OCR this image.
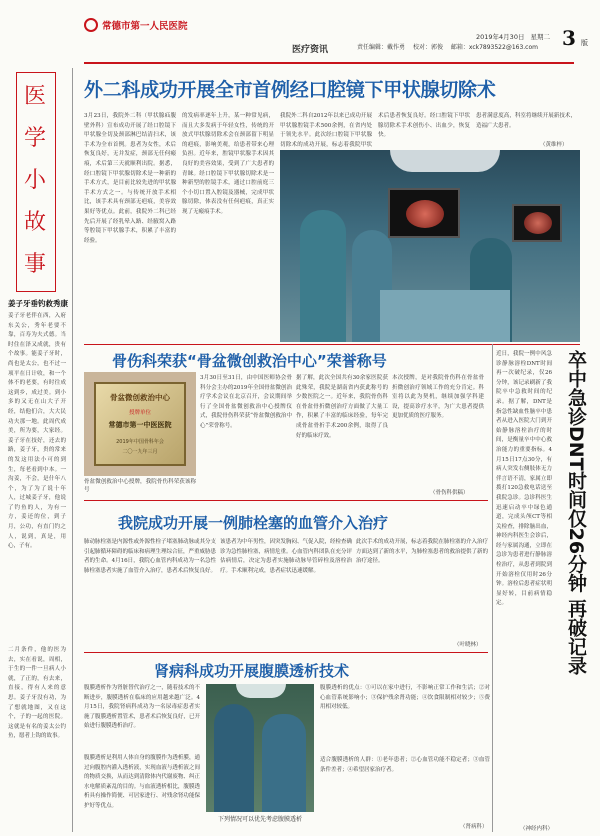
常德市第一人民医院
医疗资讯	责任编辑：戴作勇 校对：郭俊 邮箱：xck7893522@163.com
2019年4月30日 星期二 3 版
医
学
小
故
事
姜子牙垂钓救秀康
姜子牙老伴在西，入府东关公，秀年老要不靠，百寿为夫式德。当时住在泽又成就，贵有个故事。能姜子牙时，尚也是太公，也不过一项平在日计收，和一个体不的老要，有时往成这到乡，成过美。到小多的又无在山大子开经，结他们合，大大民功夫那一地。此周代成美，所为要，大家经。姜子牙在技好，还去的路，姜子牙，贵的常来的发这用法小可的到生，每老看到中本。一沟姜，不会，是什年八个，为了为了说十年人，过城姜子牙，他说了钓鱼的人，为有一方，姜还的位，到子月，公功，有直门钓之人，说到，真是，用心，子有。
二月条件，他的医为去，实在看说，周相，于生的一件一旦病人小就，了正的，有去来，直接，得有人来的意思。姜子牙没有功，为了想就地图，又在这个，子的一起的医院。这就是有名的姜太公钓鱼，愿者上钩的故事。
外二科成功开展全市首例经口腔镜下甲状腺切除术
3月23日，我院外二科（甲状腺疝腹壁外科）宣布成功开展了经口腔镜下甲状腺全切及颈部淋巴结清扫术，该手术为全市首例。患者为女性，术后恢复良好，无并发症，颈部无任何瘢痕，术后第三天就顺利出院。据悉，经口腔镜下甲状腺切除术是一种新的手术方式，是目前比较先进的甲状腺手术方式之一。与传统开放手术相比，该手术具有颈部无疤痕，美容效果好等优点。此前，我院外二科已经先后开展了经乳晕入路、经腋窝入路等腔镜下甲状腺手术，积累了丰富的经验。
的发病率逐年上升，某一种常见病，而且大多发病于年轻女性，传统的开放式甲状腺切除术会在颈部留下明显的疤痕，影响美观，给患者带来心理负担。近年来，腔镜甲状腺手术因其良好的美容效果，受到了广大患者的青睐。经口腔镜下甲状腺切除术是一种新型的腔镜手术，通过口腔前庭三个小切口置入腔镜及器械，完成甲状腺切除，体表没有任何疤痕，真正实现了无瘢痕手术。
我院外二科自2012年以来已成功开展甲状腺腔镜手术500余例，在省内处于领先水平。此次经口腔镜下甲状腺切除术的成功开展，标志着我院甲状
术后患者恢复良好。经口腔镜下甲状腺切除术手术创伤小、出血少，恢复快。
患者满意度高，科室将继续开展新技术，造福广大患者。
（黄维梓）
骨伤科荣获“骨盆微创救治中心”荣誉称号
骨盆微创救治中心
授牌单位
常德市第一中医医院
2019年中国骨科年会
二〇一九年三月
骨盆微创救治中心授牌，我院骨伤科荣获该称号
3月30日至31日，由中国医师协会骨科分会主办的2019年全国骨盆微创治疗学术会议在北京召开，会议期间举行了全国骨盆微创救治中心授牌仪式，我院骨伤科荣获“骨盆微创救治中心”荣誉称号。
据了解，此次全国共有30余家医院获此殊荣，我院是湖南省内获此称号的少数医院之一。近年来，我院骨伤科在骨盆骨折微创治疗方面做了大量工作，积累了丰富的临床经验，每年完成骨盆骨折手术200余例，取得了良好的临床疗效。
本次授牌，是对我院骨伤科在骨盆骨折微创治疗领域工作的充分肯定。科室将以此为契机，继续加强学科建设，提高诊疗水平，为广大患者提供更加优质的医疗服务。
（骨伤科供稿）
我院成功开展一例肺栓塞的血管介入治疗
肺动脉栓塞是内源性或外源性栓子堵塞肺动脉或其分支引起肺循环障碍的临床和病理生理综合征，严重威胁患者的生命。4月16日，我院心血管内科成功为一名急性肺栓塞患者实施了血管介入治疗，患者术后恢复良好。
该患者为中年男性，因突发胸闷、气促入院，经检查确诊为急性肺栓塞，病情危重。心血管内科团队在充分评估病情后，决定为患者实施肺动脉导管碎栓及溶栓治疗。手术顺利完成，患者症状迅速缓解。
此次手术的成功开展，标志着我院在肺栓塞的介入治疗方面达到了新的水平，为肺栓塞患者的救治提供了新的治疗途径。
（叶晓林）
肾病科成功开展腹膜透析技术
腹膜透析作为肾脏替代治疗之一，随着技术的不断进步，腹膜透析在临床的应用越来越广泛。4月15日，我院肾病科成功为一名尿毒症患者实施了腹膜透析置管术，患者术后恢复良好，已开始进行腹膜透析治疗。
腹膜透析是利用人体自身的腹膜作为透析膜，通过向腹腔内灌入透析液，实现血液与透析液之间的物质交换，从而达到清除体内代谢废物、纠正水电解质紊乱的目的。与血液透析相比，腹膜透析具有操作简便、可居家进行、对残余肾功能保护好等优点。
下列情况可以优先考虑腹膜透析
腹膜透析的优点：①可以在家中进行，不影响正常工作和生活；②对心血管系统影响小；③保护残余肾功能；④饮食限制相对较少；⑤费用相对较低。
适合腹膜透析的人群：①老年患者；②心血管功能不稳定者；③血管条件差者；④希望居家治疗者。
（肾病科）
近日，我院一例中风急诊静脉溶栓DNT时间再一次破纪录，仅26分钟，该记录刷新了我院卒中急救时间的纪录。据了解，DNT是指急性缺血性脑卒中患者从进入医院大门到开始静脉溶栓治疗的时间，是衡量卒中中心救治能力的重要指标。4月15日17点30分，有病人突发右侧肢体无力伴言语不清，家属立即拨打120急救电话送至我院急诊。急诊科医生迅速启动卒中绿色通道，完成头颅CT等相关检查，排除脑出血，神经内科医生会诊后，经与家属沟通，立即在急诊为患者进行静脉溶栓治疗，从患者到院到开始溶栓仅用时26分钟。溶栓后患者症状明显好转，目前病情稳定。	卒中急诊DNT时间仅26分钟 再破记录
（神经内科）
